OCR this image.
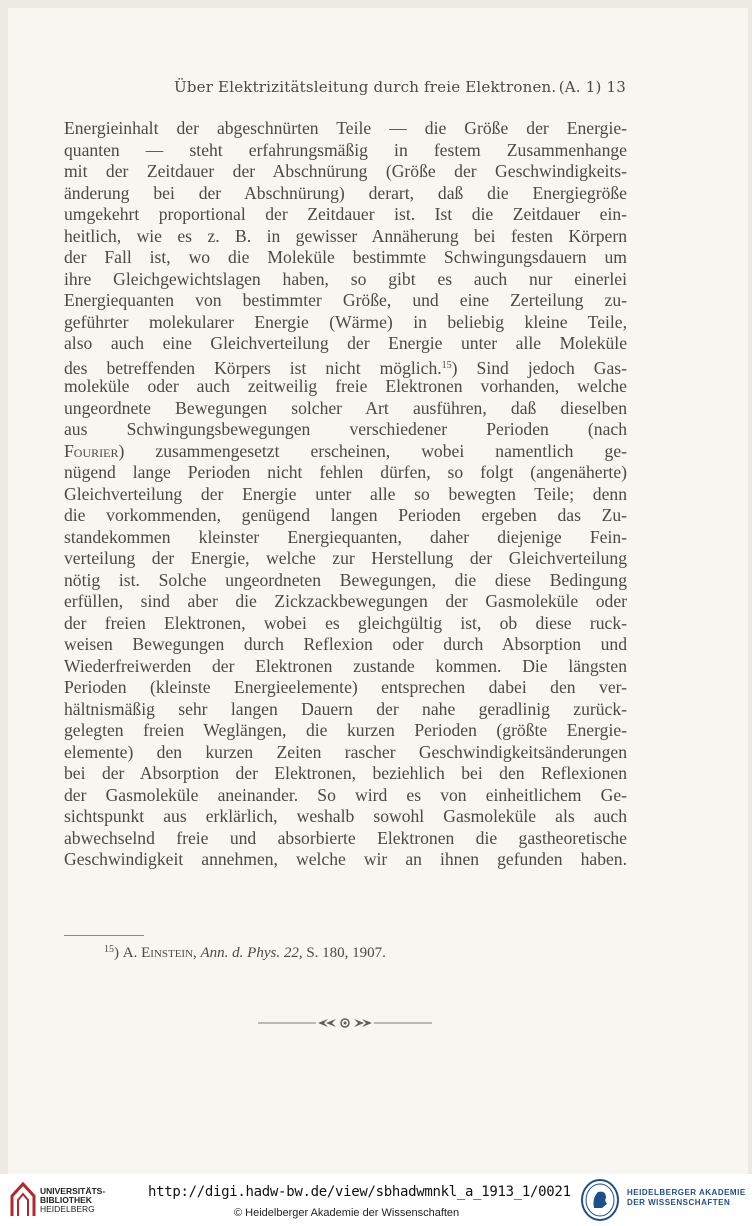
Über Elektrizitätsleitung durch freie Elektronen. (A. 1) 13
Energieinhalt der abgeschnürten Teile — die Größe der Energie-
quanten — steht erfahrungsmäßig in festem Zusammenhange
mit der Zeitdauer der Abschnürung (Größe der Geschwindigkeits-
änderung bei der Abschnürung) derart, daß die Energiegröße
umgekehrt proportional der Zeitdauer ist. Ist die Zeitdauer ein-
heitlich, wie es z. B. in gewisser Annäherung bei festen Körpern
der Fall ist, wo die Moleküle bestimmte Schwingungsdauern um
ihre Gleichgewichtslagen haben, so gibt es auch nur einerlei
Energiequanten von bestimmter Größe, und eine Zerteilung zu-
geführter molekularer Energie (Wärme) in beliebig kleine Teile,
also auch eine Gleichverteilung der Energie unter alle Moleküle
des betreffenden Körpers ist nicht möglich.$^{15}$) Sind jedoch Gas-
moleküle oder auch zeitweilig freie Elektronen vorhanden, welche
ungeordnete Bewegungen solcher Art ausführen, daß dieselben
aus Schwingungsbewegungen verschiedener Perioden (nach
Fourier) zusammengesetzt erscheinen, wobei namentlich ge-
nügend lange Perioden nicht fehlen dürfen, so folgt (angenäherte)
Gleichverteilung der Energie unter alle so bewegten Teile; denn
die vorkommenden, genügend langen Perioden ergeben das Zu-
standekommen kleinster Energiequanten, daher diejenige Fein-
verteilung der Energie, welche zur Herstellung der Gleichverteilung
nötig ist. Solche ungeordneten Bewegungen, die diese Bedingung
erfüllen, sind aber die Zickzackbewegungen der Gasmoleküle oder
der freien Elektronen, wobei es gleichgültig ist, ob diese ruck-
weisen Bewegungen durch Reflexion oder durch Absorption und
Wiederfreiwerden der Elektronen zustande kommen. Die längsten
Perioden (kleinste Energieelemente) entsprechen dabei den ver-
hältnismäßig sehr langen Dauern der nahe geradlinig zurück-
gelegten freien Weglängen, die kurzen Perioden (größte Energie-
elemente) den kurzen Zeiten rascher Geschwindigkeitsänderungen
bei der Absorption der Elektronen, beziehlich bei den Reflexionen
der Gasmoleküle aneinander. So wird es von einheitlichem Ge-
sichtspunkt aus erklärlich, weshalb sowohl Gasmoleküle als auch
abwechselnd freie und absorbierte Elektronen die gastheoretische
Geschwindigkeit annehmen, welche wir an ihnen gefunden haben.
$^{15}$) A. Einstein, Ann. d. Phys. 22, S. 180, 1907.
UNIVERSITÄTS-
BIBLIOTHEK
HEIDELBERG
http://digi.hadw-bw.de/view/sbhadwmnkl_a_1913_1/0021
© Heidelberger Akademie der Wissenschaften
HEIDELBERGER AKADEMIE
DER WISSENSCHAFTEN
